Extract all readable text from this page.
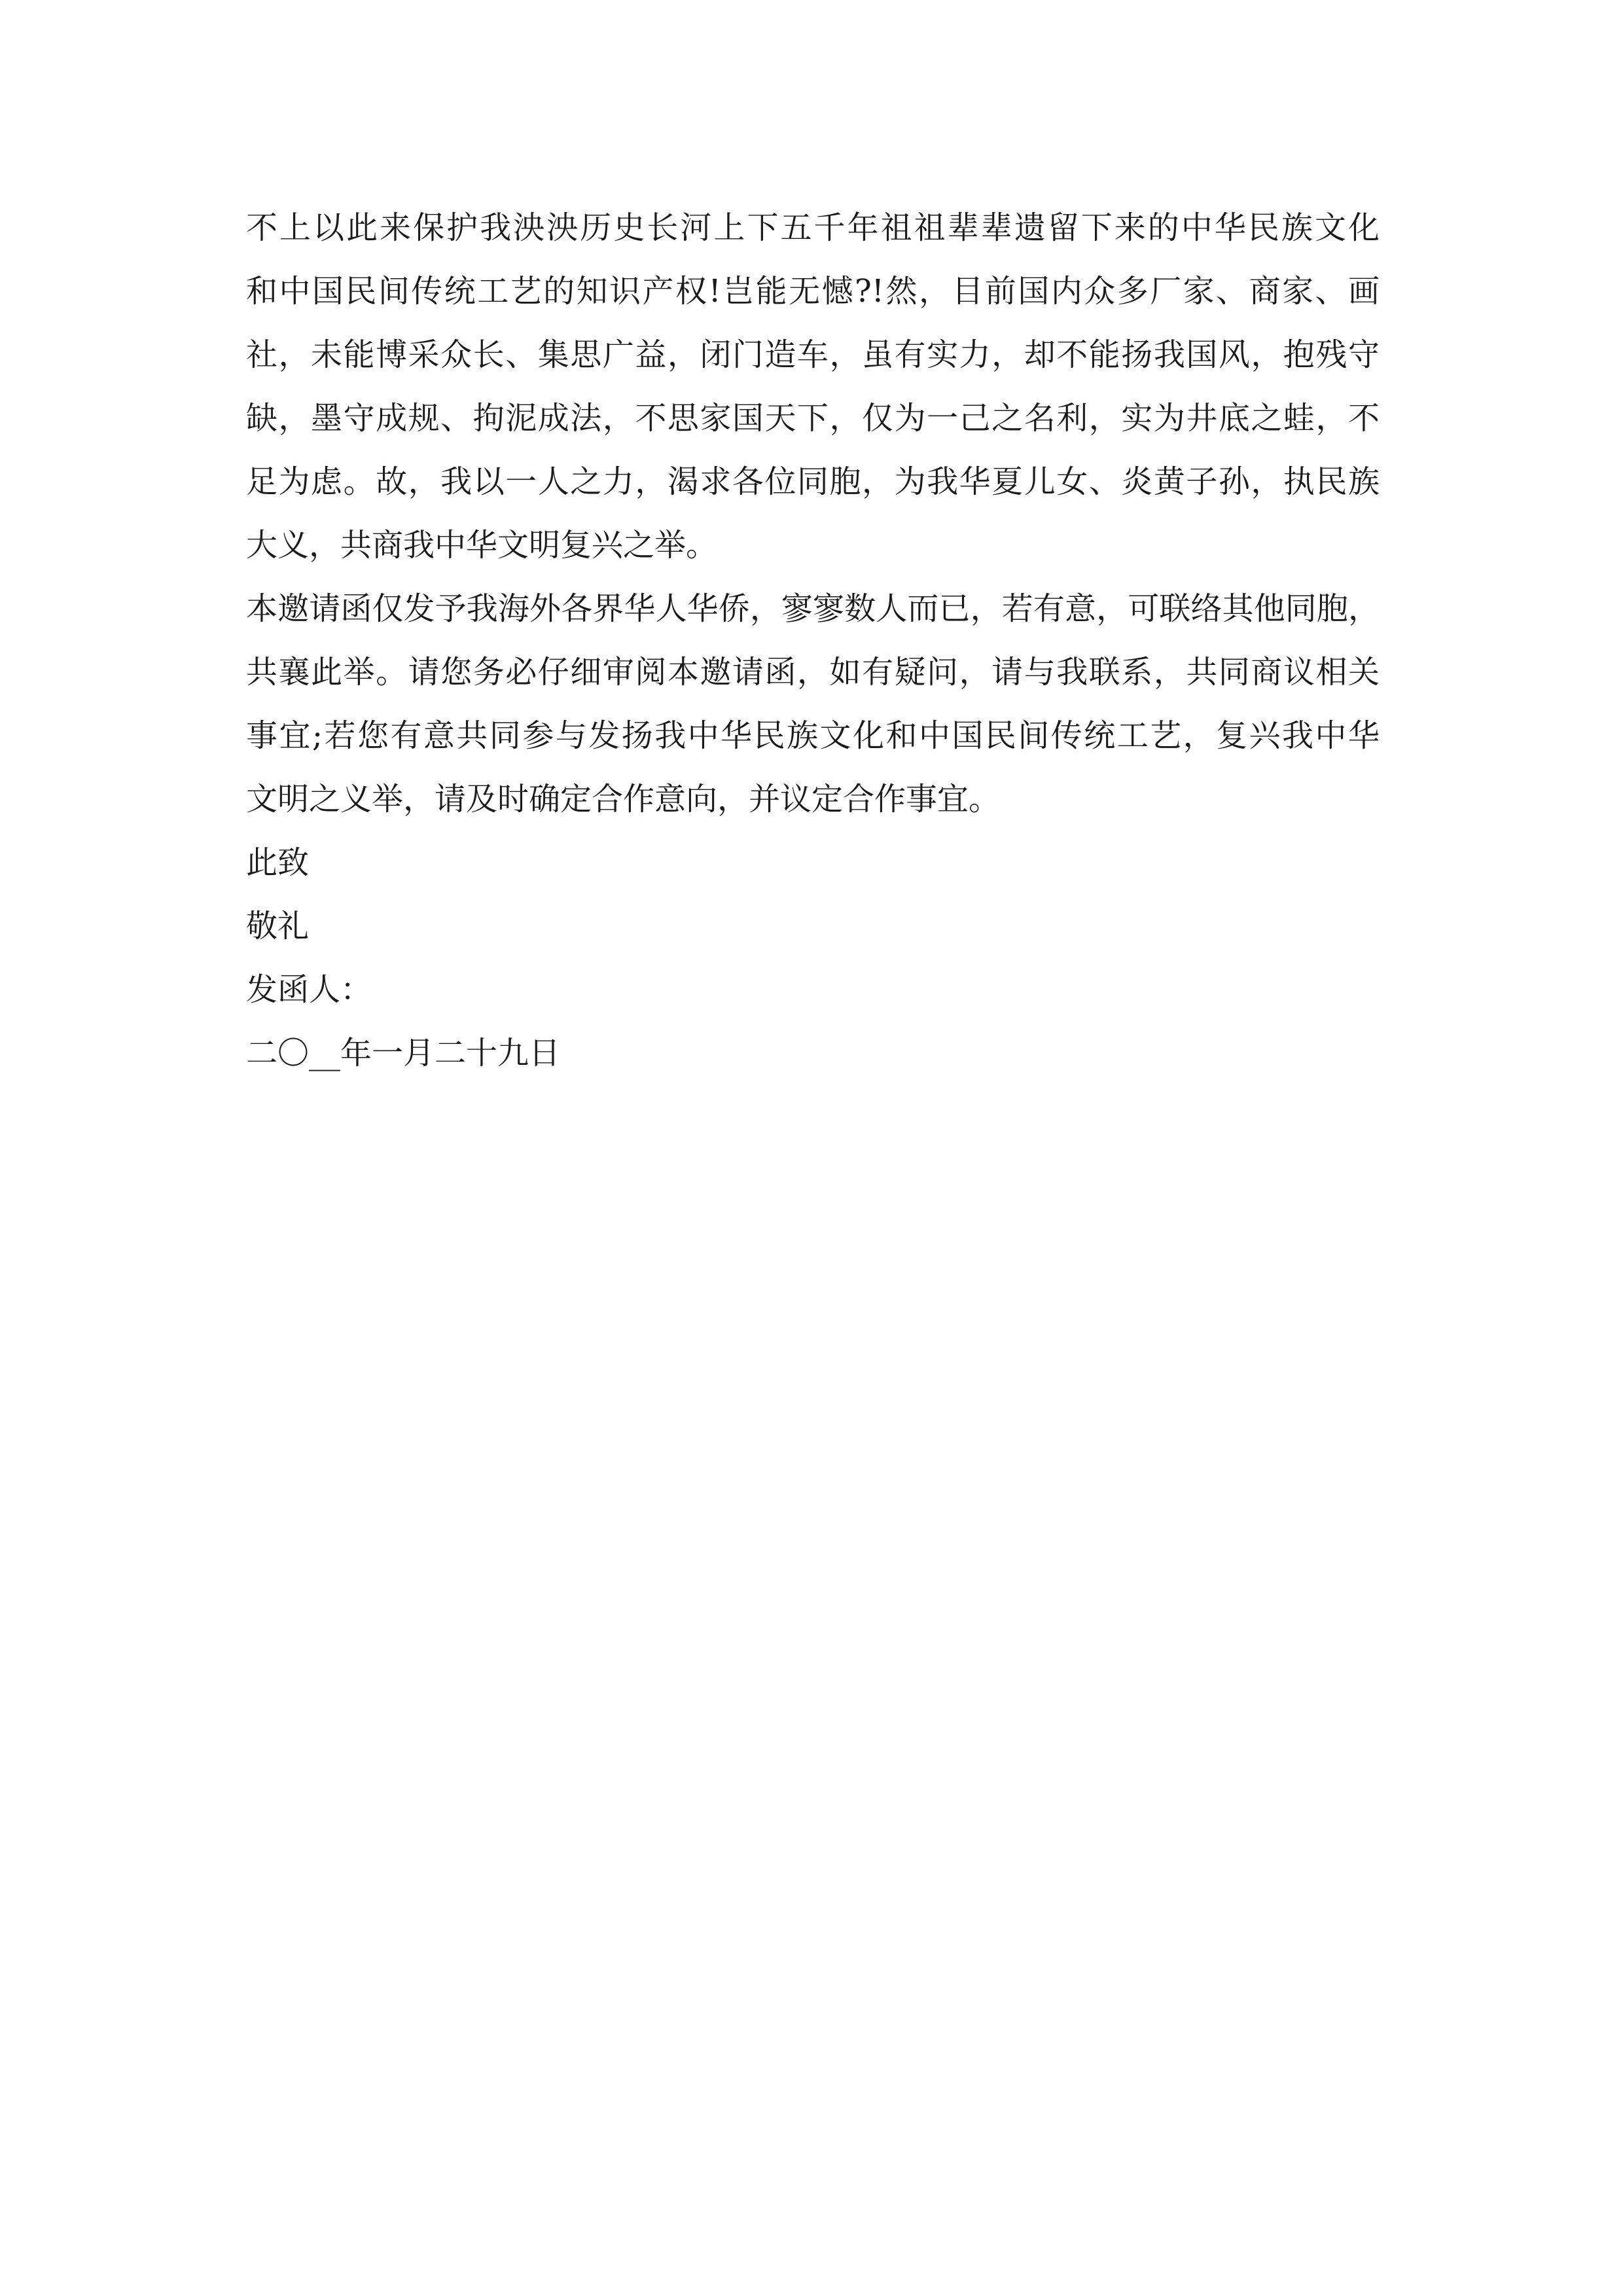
不上以此来保护我泱泱历史长河上下五千年祖祖辈辈遗留下来的中华民族文化
和中国民间传统工艺的知识产权!岂能无憾?!然，目前国内众多厂家、商家、画
社，未能博采众长、集思广益，闭门造车，虽有实力，却不能扬我国风，抱残守
缺，墨守成规、拘泥成法，不思家国天下，仅为一己之名利，实为井底之蛙，不
足为虑。故，我以一人之力，渴求各位同胞，为我华夏儿女、炎黄子孙，执民族
大义，共商我中华文明复兴之举。
本邀请函仅发予我海外各界华人华侨，寥寥数人而已，若有意，可联络其他同胞，
共襄此举。请您务必仔细审阅本邀请函，如有疑问，请与我联系，共同商议相关
事宜;若您有意共同参与发扬我中华民族文化和中国民间传统工艺，复兴我中华
文明之义举，请及时确定合作意向，并议定合作事宜。
此致
敬礼
发函人：
二〇__年一月二十九日
